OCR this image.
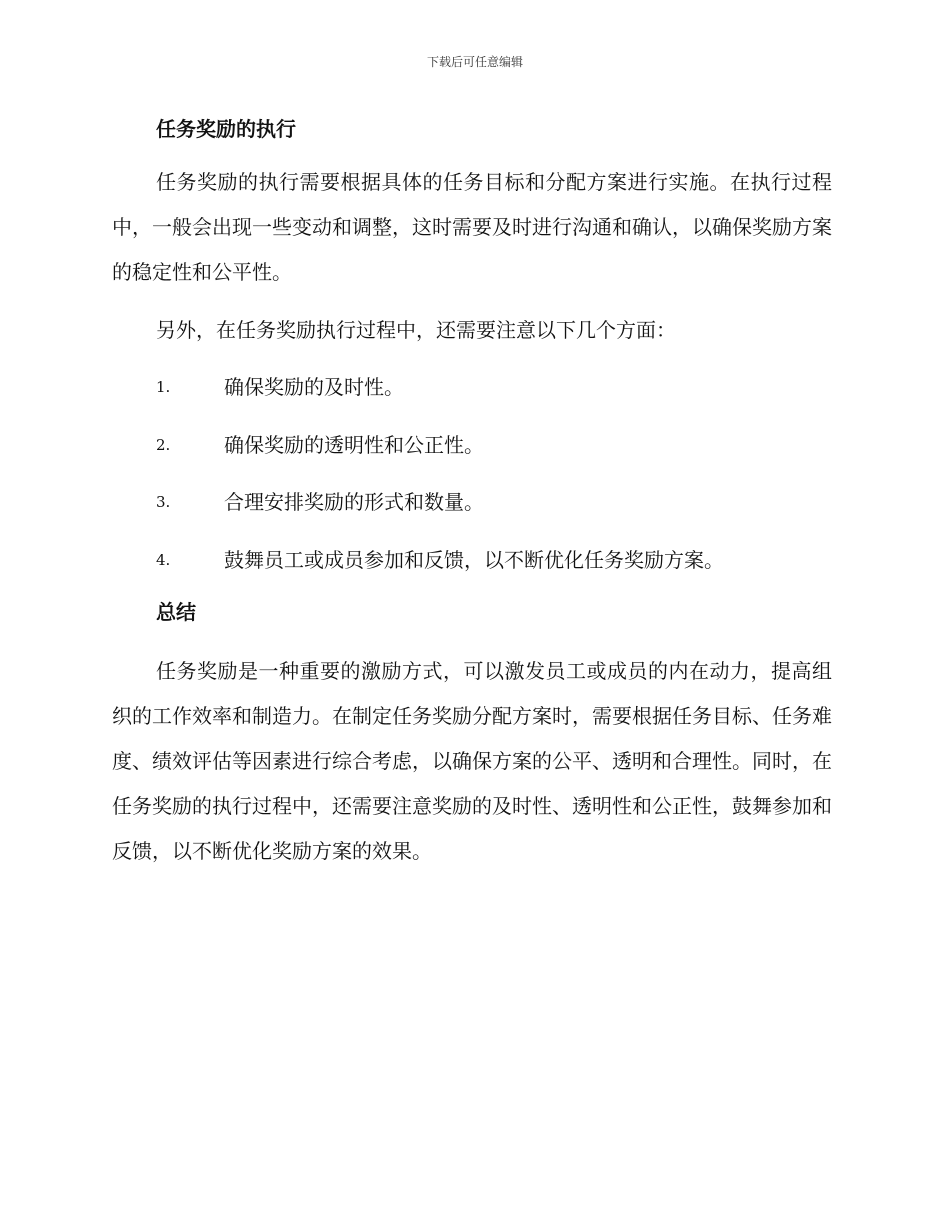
下载后可任意编辑
任务奖励的执行

任务奖励的执行需要根据具体的任务目标和分配方案进行实施。在执行过程中，一般会出现一些变动和调整，这时需要及时进行沟通和确认，以确保奖励方案的稳定性和公平性。

另外，在任务奖励执行过程中，还需要注意以下几个方面：

1.	确保奖励的及时性。
2.	确保奖励的透明性和公正性。
3.	合理安排奖励的形式和数量。
4.	鼓舞员工或成员参加和反馈，以不断优化任务奖励方案。
总结

任务奖励是一种重要的激励方式，可以激发员工或成员的内在动力，提高组织的工作效率和制造力。在制定任务奖励分配方案时，需要根据任务目标、任务难度、绩效评估等因素进行综合考虑，以确保方案的公平、透明和合理性。同时，在任务奖励的执行过程中，还需要注意奖励的及时性、透明性和公正性，鼓舞参加和反馈，以不断优化奖励方案的效果。
